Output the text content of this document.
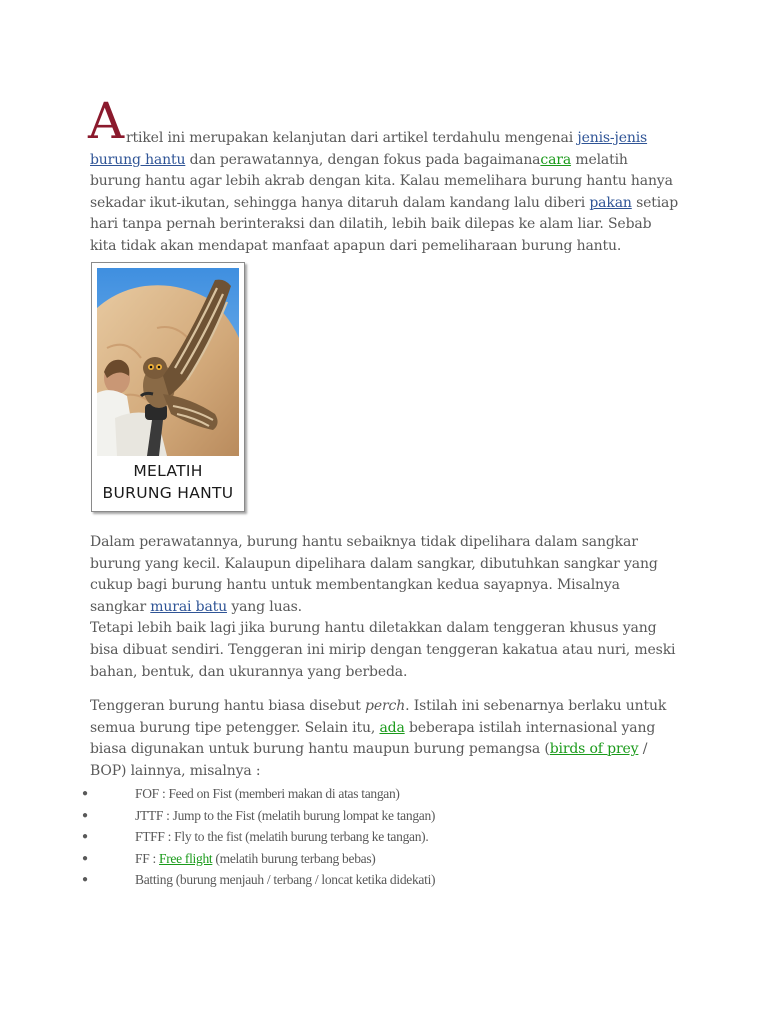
A rtikel ini merupakan kelanjutan dari artikel terdahulu mengenai jenis-jenis burung hantu dan perawatannya, dengan fokus pada bagaimanacara melatih burung hantu agar lebih akrab dengan kita. Kalau memelihara burung hantu hanya sekadar ikut-ikutan, sehingga hanya ditaruh dalam kandang lalu diberi pakan setiap hari tanpa pernah berinteraksi dan dilatih, lebih baik dilepas ke alam liar. Sebab kita tidak akan mendapat manfaat apapun dari pemeliharaan burung hantu.
MELATIH
BURUNG HANTU
Dalam perawatannya, burung hantu sebaiknya tidak dipelihara dalam sangkar burung yang kecil. Kalaupun dipelihara dalam sangkar, dibutuhkan sangkar yang cukup bagi burung hantu untuk membentangkan kedua sayapnya. Misalnya sangkar murai batu yang luas.
Tetapi lebih baik lagi jika burung hantu diletakkan dalam tenggeran khusus yang bisa dibuat sendiri. Tenggeran ini mirip dengan tenggeran kakatua atau nuri, meski bahan, bentuk, dan ukurannya yang berbeda.
Tenggeran burung hantu biasa disebut perch. Istilah ini sebenarnya berlaku untuk semua burung tipe petengger. Selain itu, ada beberapa istilah internasional yang biasa digunakan untuk burung hantu maupun burung pemangsa (birds of prey / BOP) lainnya, misalnya :
●	FOF : Feed on Fist (memberi makan di atas tangan)
●	JTTF : Jump to the Fist (melatih burung lompat ke tangan)
●	FTFF : Fly to the fist (melatih burung terbang ke tangan).
●	FF : Free flight (melatih burung terbang bebas)
●	Batting (burung menjauh / terbang / loncat ketika didekati)
